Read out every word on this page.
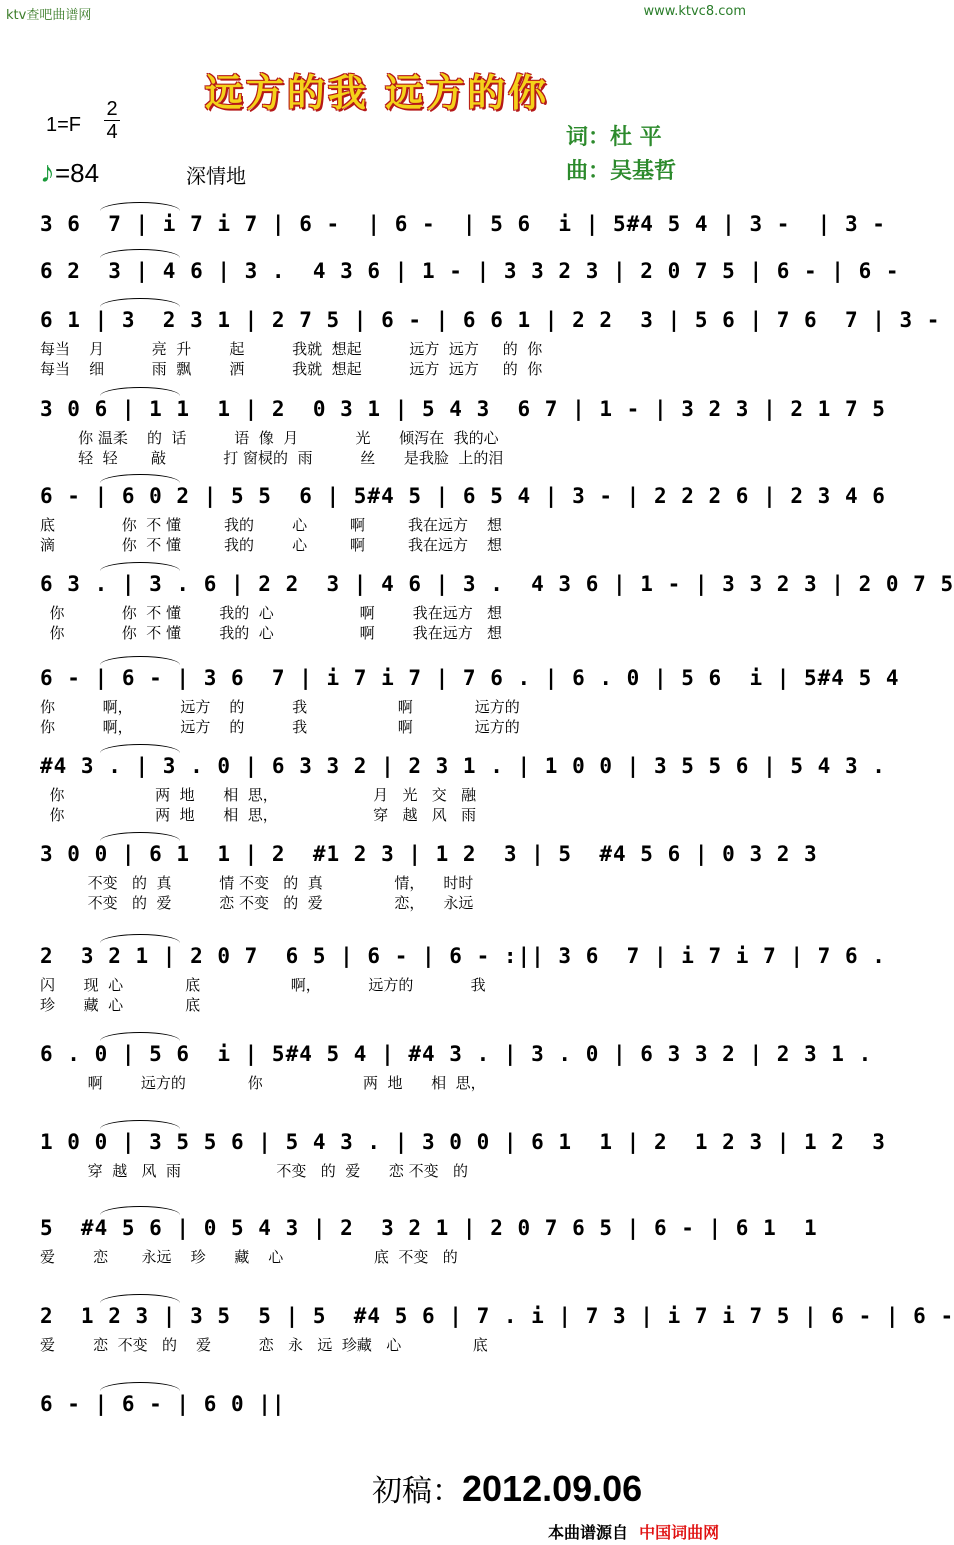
ktv查吧曲谱网	www.ktvc8.com
远方的我 远方的你
1=F
2
4
♪=84	深情地
词：杜 平
曲：吴基哲
3 6  7 | i 7 i 7 | 6 -  | 6 -  | 5 6  i | 5#4 5 4 | 3 -  | 3 -
6 2  3 | 4 6 | 3 .  4 3 6 | 1 - | 3 3 2 3 | 2 0 7 5 | 6 - | 6 -
6 1 | 3  2 3 1 | 2 7 5 | 6 - | 6 6 1 | 2 2  3 | 5 6 | 7 6  7 | 3 -
每当    月          亮  升        起          我就  想起          远方  远方     的  你
每当    细          雨  飘        洒          我就  想起          远方  远方     的  你
3 0 6 | 1 1  1 | 2  0 3 1 | 5 4 3  6 7 | 1 - | 3 2 3 | 2 1 7 5
你 温柔    的  话          语  像  月            光      倾泻在  我的心
轻  轻       敲            打 窗棂的  雨          丝      是我脸  上的泪
6 - | 6 0 2 | 5 5  6 | 5#4 5 | 6 5 4 | 3 - | 2 2 2 6 | 2 3 4 6
底              你  不 懂         我的        心         啊         我在远方    想
滴              你  不 懂         我的        心         啊         我在远方    想
6 3 . | 3 . 6 | 2 2  3 | 4 6 | 3 .  4 3 6 | 1 - | 3 3 2 3 | 2 0 7 5
你            你  不 懂        我的  心                  啊        我在远方   想
你            你  不 懂        我的  心                  啊        我在远方   想
6 - | 6 - | 3 6  7 | i 7 i 7 | 7 6 . | 6 . 0 | 5 6  i | 5#4 5 4
你          啊，          远方    的          我                   啊             远方的
你          啊，          远方    的          我                   啊             远方的
#4 3 . | 3 . 0 | 6 3 3 2 | 2 3 1 . | 1 0 0 | 3 5 5 6 | 5 4 3 .
你                   两  地      相  思，                    月   光   交   融
你                   两  地      相  思，                    穿   越   风   雨
3 0 0 | 6 1  1 | 2  #1 2 3 | 1 2  3 | 5  #4 5 6 | 0 3 2 3
不变   的  真          情 不变   的  真               情，    时时
不变   的  爱          恋 不变   的  爱               恋，    永远
2  3 2 1 | 2 0 7  6 5 | 6 - | 6 - :|| 3 6  7 | i 7 i 7 | 7 6 .
闪      现  心             底                   啊，          远方的            我
珍      藏  心             底
6 . 0 | 5 6  i | 5#4 5 4 | #4 3 . | 3 . 0 | 6 3 3 2 | 2 3 1 .
啊        远方的             你                     两  地      相  思，
1 0 0 | 3 5 5 6 | 5 4 3 . | 3 0 0 | 6 1  1 | 2  1 2 3 | 1 2  3
穿  越   风  雨                    不变   的  爱      恋 不变   的
5  #4 5 6 | 0 5 4 3 | 2  3 2 1 | 2 0 7 6 5 | 6 - | 6 1  1
爱        恋       永远    珍      藏    心                   底  不变   的
2  1 2 3 | 3 5  5 | 5  #4 5 6 | 7 . i | 7 3 | i 7 i 7 5 | 6 - | 6 -
爱        恋  不变   的    爱          恋   永   远  珍藏   心               底
6 - | 6 - | 6 0 ||
初稿：2012.09.06
本曲谱源自 中国词曲网
